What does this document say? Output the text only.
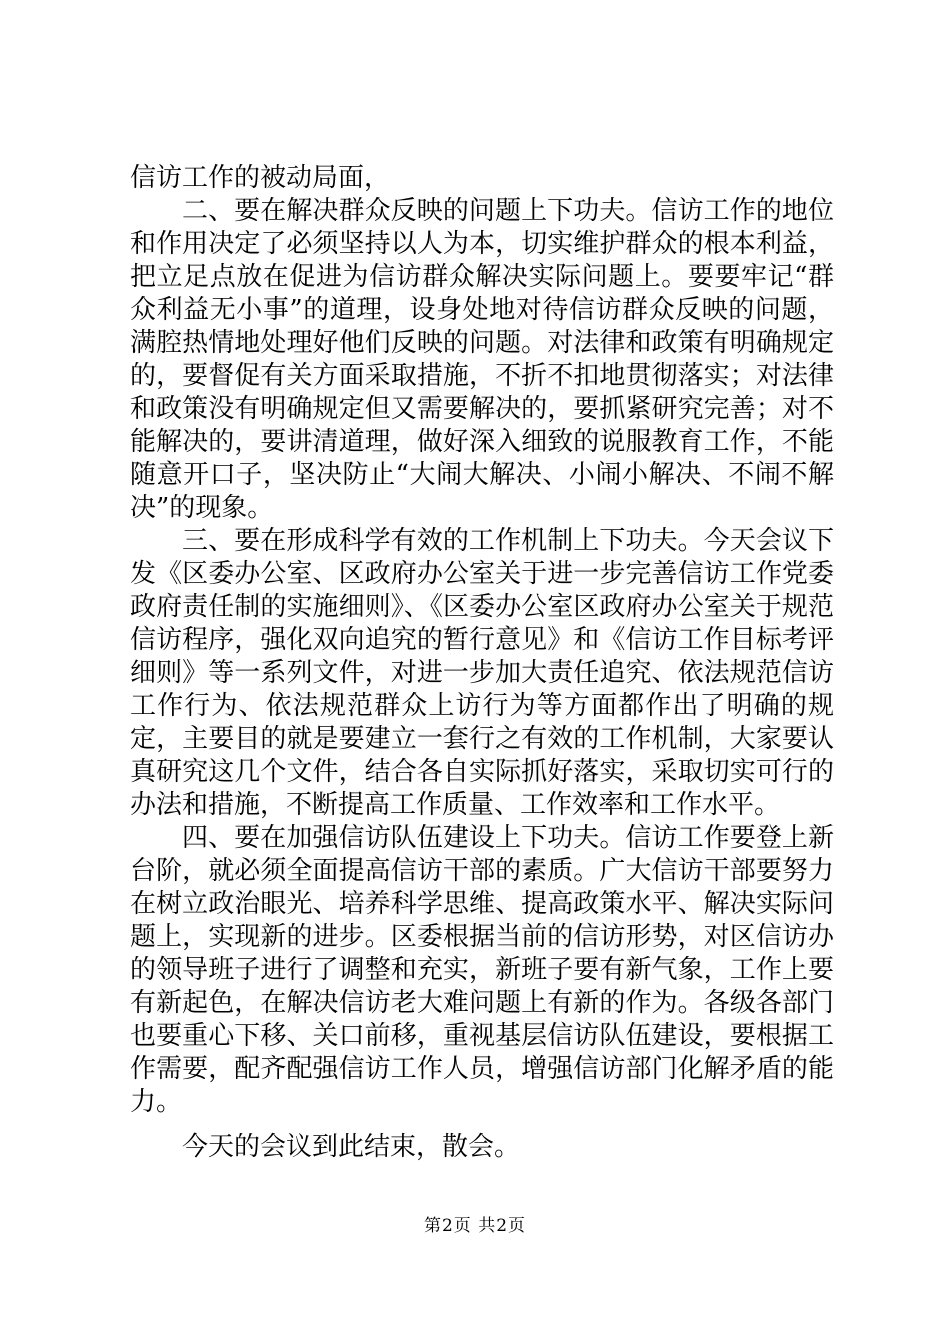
信访工作的被动局面，

二、要在解决群众反映的问题上下功夫。信访工作的地位和作用决定了必须坚持以人为本，切实维护群众的根本利益，把立足点放在促进为信访群众解决实际问题上。要要牢记“群众利益无小事”的道理，设身处地对待信访群众反映的问题，满腔热情地处理好他们反映的问题。对法律和政策有明确规定的，要督促有关方面采取措施，不折不扣地贯彻落实；对法律和政策没有明确规定但又需要解决的，要抓紧研究完善；对不能解决的，要讲清道理，做好深入细致的说服教育工作，不能随意开口子，坚决防止“大闹大解决、小闹小解决、不闹不解决”的现象。

三、要在形成科学有效的工作机制上下功夫。今天会议下发《区委办公室、区政府办公室关于进一步完善信访工作党委政府责任制的实施细则》、《区委办公室区政府办公室关于规范信访程序，强化双向追究的暂行意见》和《信访工作目标考评细则》等一系列文件，对进一步加大责任追究、依法规范信访工作行为、依法规范群众上访行为等方面都作出了明确的规定，主要目的就是要建立一套行之有效的工作机制，大家要认真研究这几个文件，结合各自实际抓好落实，采取切实可行的办法和措施，不断提高工作质量、工作效率和工作水平。

四、要在加强信访队伍建设上下功夫。信访工作要登上新台阶，就必须全面提高信访干部的素质。广大信访干部要努力在树立政治眼光、培养科学思维、提高政策水平、解决实际问题上，实现新的进步。区委根据当前的信访形势，对区信访办的领导班子进行了调整和充实，新班子要有新气象，工作上要有新起色，在解决信访老大难问题上有新的作为。各级各部门也要重心下移、关口前移，重视基层信访队伍建设，要根据工作需要，配齐配强信访工作人员，增强信访部门化解矛盾的能力。

今天的会议到此结束，散会。

第2页 共2页
